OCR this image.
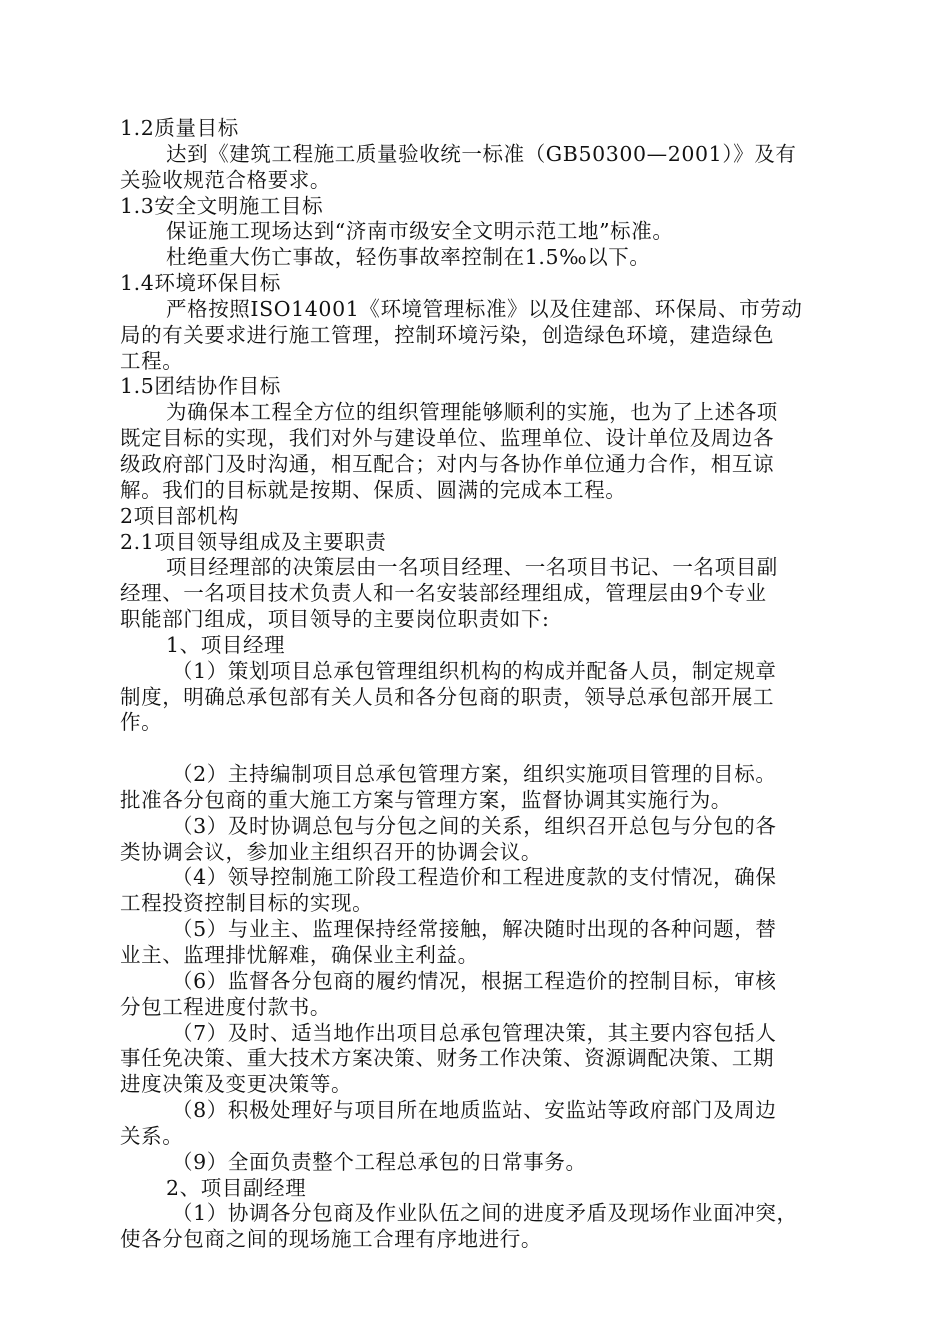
1.2质量目标

达到《建筑工程施工质量验收统一标准（GB50300—2001）》及有

关验收规范合格要求。

1.3安全文明施工目标

保证施工现场达到“济南市级安全文明示范工地”标准。

杜绝重大伤亡事故，轻伤事故率控制在1.5‰以下。

1.4环境环保目标

严格按照ISO14001《环境管理标准》以及住建部、环保局、市劳动

局的有关要求进行施工管理，控制环境污染，创造绿色环境，建造绿色

工程。

1.5团结协作目标

为确保本工程全方位的组织管理能够顺利的实施，也为了上述各项

既定目标的实现，我们对外与建设单位、监理单位、设计单位及周边各

级政府部门及时沟通，相互配合；对内与各协作单位通力合作，相互谅

解。我们的目标就是按期、保质、圆满的完成本工程。

2项目部机构

2.1项目领导组成及主要职责

项目经理部的决策层由一名项目经理、一名项目书记、一名项目副

经理、一名项目技术负责人和一名安装部经理组成，管理层由9个专业

职能部门组成，项目领导的主要岗位职责如下:

1、项目经理

（1）策划项目总承包管理组织机构的构成并配备人员，制定规章

制度，明确总承包部有关人员和各分包商的职责，领导总承包部开展工

作。

（2）主持编制项目总承包管理方案，组织实施项目管理的目标。

批准各分包商的重大施工方案与管理方案，监督协调其实施行为。

（3）及时协调总包与分包之间的关系，组织召开总包与分包的各

类协调会议，参加业主组织召开的协调会议。

（4）领导控制施工阶段工程造价和工程进度款的支付情况，确保

工程投资控制目标的实现。

（5）与业主、监理保持经常接触，解决随时出现的各种问题，替

业主、监理排忧解难，确保业主利益。

（6）监督各分包商的履约情况，根据工程造价的控制目标，审核

分包工程进度付款书。

（7）及时、适当地作出项目总承包管理决策，其主要内容包括人

事任免决策、重大技术方案决策、财务工作决策、资源调配决策、工期

进度决策及变更决策等。

（8）积极处理好与项目所在地质监站、安监站等政府部门及周边

关系。

（9）全面负责整个工程总承包的日常事务。

2、项目副经理

（1）协调各分包商及作业队伍之间的进度矛盾及现场作业面冲突，

使各分包商之间的现场施工合理有序地进行。
